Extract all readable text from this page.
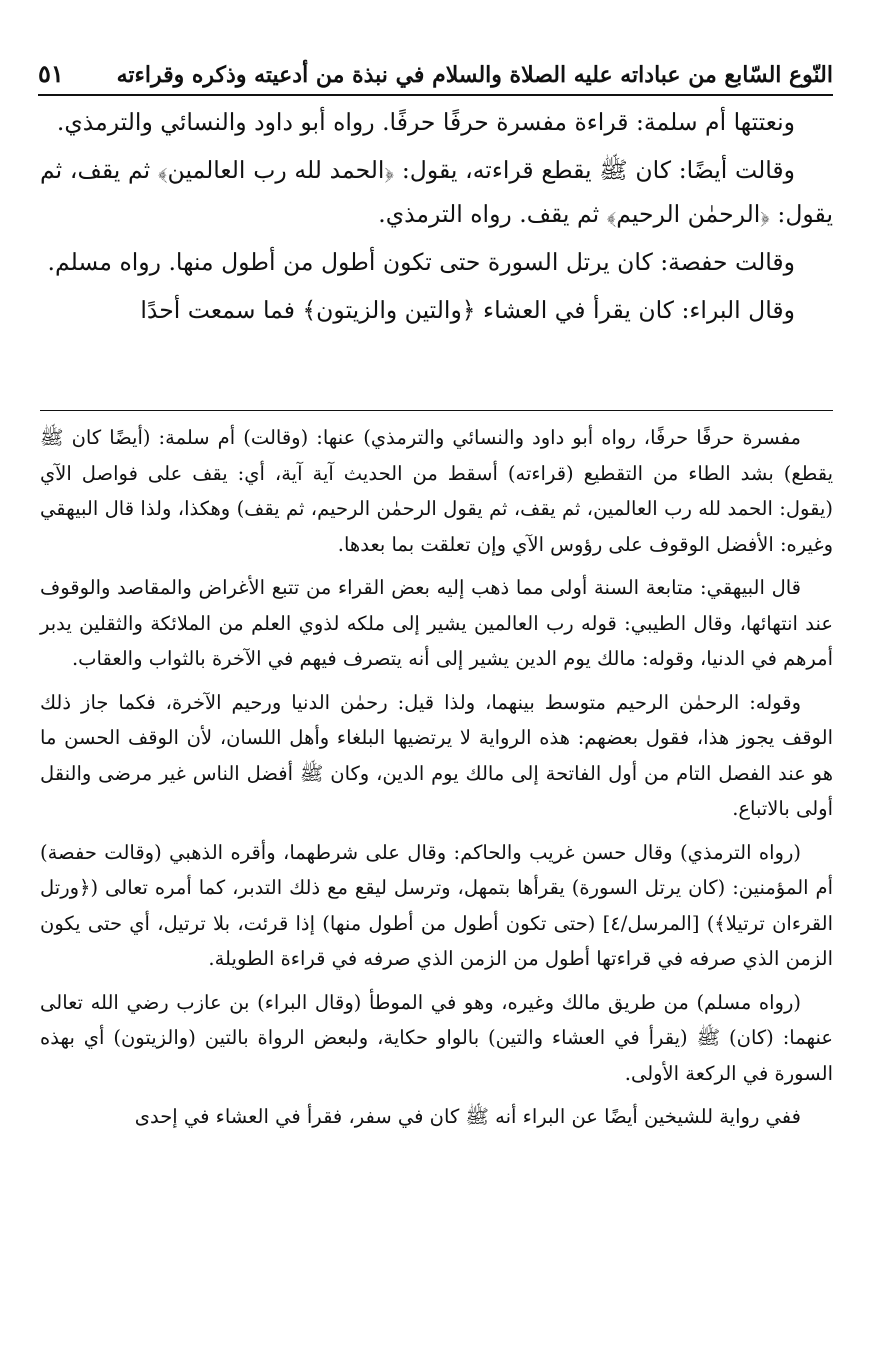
النّوع السّابع من عباداته عليه الصلاة والسلام في نبذة من أدعيته وذكره وقراءته
٥١

ونعتتها أم سلمة: قراءة مفسرة حرفًا حرفًا. رواه أبو داود والنسائي والترمذي.

وقالت أيضًا: كان ﷺ يقطع قراءته، يقول: ﴿الحمد لله رب العالمين﴾ ثم يقف، ثم يقول: ﴿الرحمٰن الرحيم﴾ ثم يقف. رواه الترمذي.

وقالت حفصة: كان يرتل السورة حتى تكون أطول من أطول منها. رواه مسلم.

وقال البراء: كان يقرأ في العشاء ﴿والتين والزيتون﴾ فما سمعت أحدًا

مفسرة حرفًا حرفًا، رواه أبو داود والنسائي والترمذي) عنها: (وقالت) أم سلمة: (أيضًا كان ﷺ يقطع) بشد الطاء من التقطيع (قراءته) أسقط من الحديث آية آية، أي: يقف على فواصل الآي (يقول: الحمد لله رب العالمين، ثم يقف، ثم يقول الرحمٰن الرحيم، ثم يقف) وهكذا، ولذا قال البيهقي وغيره: الأفضل الوقوف على رؤوس الآي وإن تعلقت بما بعدها.

قال البيهقي: متابعة السنة أولى مما ذهب إليه بعض القراء من تتبع الأغراض والمقاصد والوقوف عند انتهائها، وقال الطيبي: قوله رب العالمين يشير إلى ملكه لذوي العلم من الملائكة والثقلين يدبر أمرهم في الدنيا، وقوله: مالك يوم الدين يشير إلى أنه يتصرف فيهم في الآخرة بالثواب والعقاب.

وقوله: الرحمٰن الرحيم متوسط بينهما، ولذا قيل: رحمٰن الدنيا ورحيم الآخرة، فكما جاز ذلك الوقف يجوز هذا، فقول بعضهم: هذه الرواية لا يرتضيها البلغاء وأهل اللسان، لأن الوقف الحسن ما هو عند الفصل التام من أول الفاتحة إلى مالك يوم الدين، وكان ﷺ أفضل الناس غير مرضى والنقل أولى بالاتباع.

(رواه الترمذي) وقال حسن غريب والحاكم: وقال على شرطهما، وأقره الذهبي (وقالت حفصة) أم المؤمنين: (كان يرتل السورة) يقرأها بتمهل، وترسل ليقع مع ذلك التدبر، كما أمره تعالى (﴿ورتل القرءان ترتيلا﴾) [المرسل/٤] (حتى تكون أطول من أطول منها) إذا قرئت، بلا ترتيل، أي حتى يكون الزمن الذي صرفه في قراءتها أطول من الزمن الذي صرفه في قراءة الطويلة.

(رواه مسلم) من طريق مالك وغيره، وهو في الموطأ (وقال البراء) بن عازب رضي الله تعالى عنهما: (كان) ﷺ (يقرأ في العشاء والتين) بالواو حكاية، ولبعض الرواة بالتين (والزيتون) أي بهذه السورة في الركعة الأولى.

ففي رواية للشيخين أيضًا عن البراء أنه ﷺ كان في سفر، فقرأ في العشاء في إحدى
